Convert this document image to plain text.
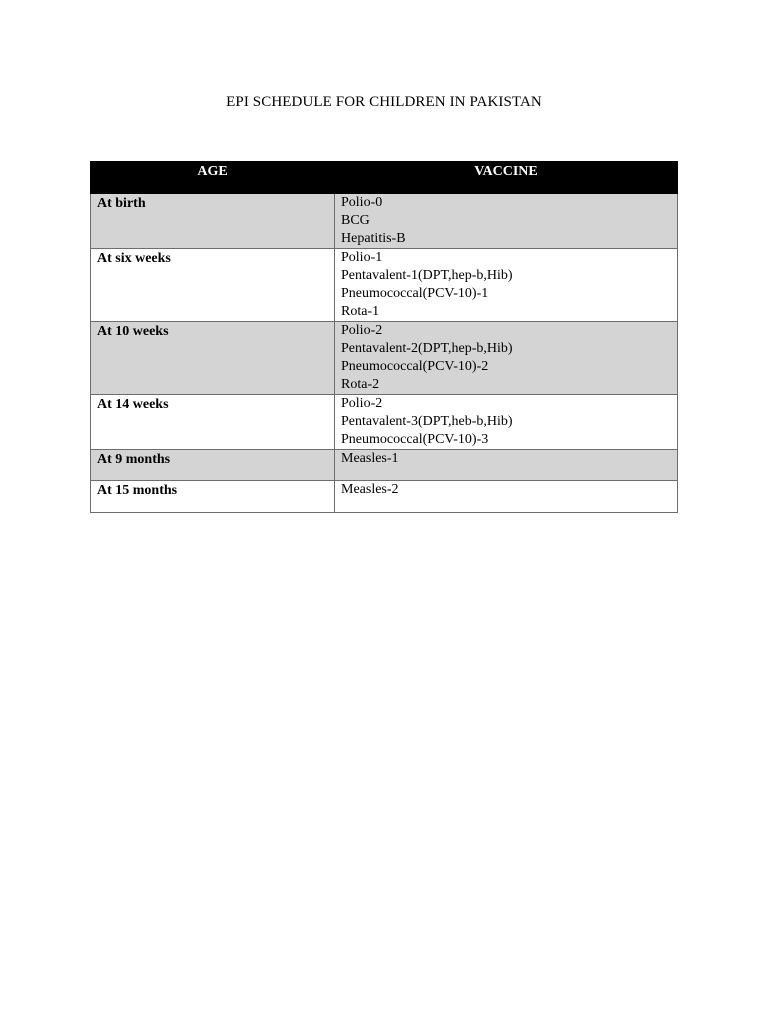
EPI SCHEDULE FOR CHILDREN IN PAKISTAN
AGE	VACCINE

At birth	Polio-0
BCG
Hepatitis-B

At six weeks	Polio-1
Pentavalent-1(DPT,hep-b,Hib)
Pneumococcal(PCV-10)-1
Rota-1

At 10 weeks	Polio-2
Pentavalent-2(DPT,hep-b,Hib)
Pneumococcal(PCV-10)-2
Rota-2

At 14 weeks	Polio-2
Pentavalent-3(DPT,heb-b,Hib)
Pneumococcal(PCV-10)-3

At 9 months	Measles-1

At 15 months	Measles-2
